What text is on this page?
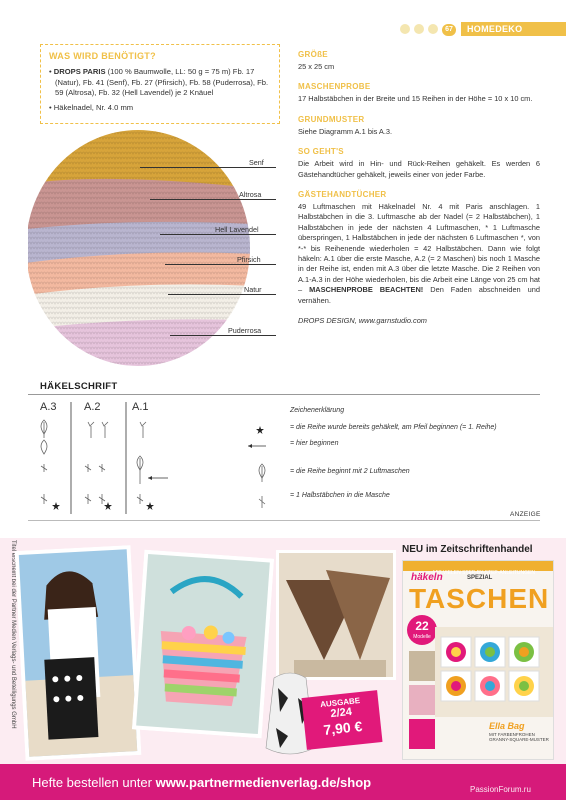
67	HOMEDEKO
WAS WIRD BENÖTIGT?

• DROPS PARIS (100 % Baumwolle, LL: 50 g = 75 m) Fb. 17 (Natur), Fb. 41 (Senf), Fb. 27 (Pfirsich), Fb. 58 (Puderrosa), Fb. 59 (Altrosa), Fb. 32 (Hell Lavendel) je 2 Knäuel

• Häkelnadel, Nr. 4.0 mm

Senf
Altrosa
Hell Lavendel
Pfirsich
Natur
Puderrosa
GRÖßE

25 x 25 cm

MASCHENPROBE

17 Halbstäbchen in der Breite und 15 Reihen in der Höhe = 10 x 10 cm.

GRUNDMUSTER

Siehe Diagramm A.1 bis A.3.

SO GEHT'S

Die Arbeit wird in Hin- und Rück-Reihen gehäkelt. Es werden 6 Gästehandtücher gehäkelt, jeweils einer von jeder Farbe.

GÄSTEHANDTÜCHER

49 Luftmaschen mit Häkelnadel Nr. 4 mit Paris anschlagen. 1 Halbstäbchen in die 3. Luftmasche ab der Nadel (= 2 Halbstäbchen), 1 Halbstäbchen in jede der nächsten 4 Luftmaschen, * 1 Luftmasche überspringen, 1 Halbstäbchen in jede der nächsten 6 Luftmaschen *, von *-* bis Reihenende wiederholen = 42 Halbstäbchen. Dann wie folgt häkeln: A.1 über die erste Masche, A.2 (= 2 Maschen) bis noch 1 Masche in der Reihe ist, enden mit A.3 über die letzte Masche. Die 2 Reihen von A.1-A.3 in der Höhe wiederholen, bis die Arbeit eine Länge von 25 cm hat – MASCHENPROBE BEACHTEN! Den Faden abschneiden und vernähen.

DROPS DESIGN, www.garnstudio.com

HÄKELSCHRIFT
A.3 A.2	A.1	Zeichenerklärung
= die Reihe wurde bereits gehäkelt, am Pfeil beginnen (= 1. Reihe)
= hier beginnen
= die Reihe beginnt mit 2 Luftmaschen
= 1 Halbstäbchen in die Masche
ANZEIGE
Titel erscheint bei der Partner Medien Verlags- und Beteiligungs GmbH	NEU im Zeitschriftenhandel
MIT VIELEN STEP-BY-STEP-ANLEITUNGEN
häkeln	SPEZIAL
TASCHEN
22
Modelle
Ella Bag
MIT FARBENFROHEN GRANNY-SQUARE-MUSTER
AUSGABE
2/24
7,90 €
Hefte bestellen unter www.partnermedienverlag.de/shop	PassionForum.ru
